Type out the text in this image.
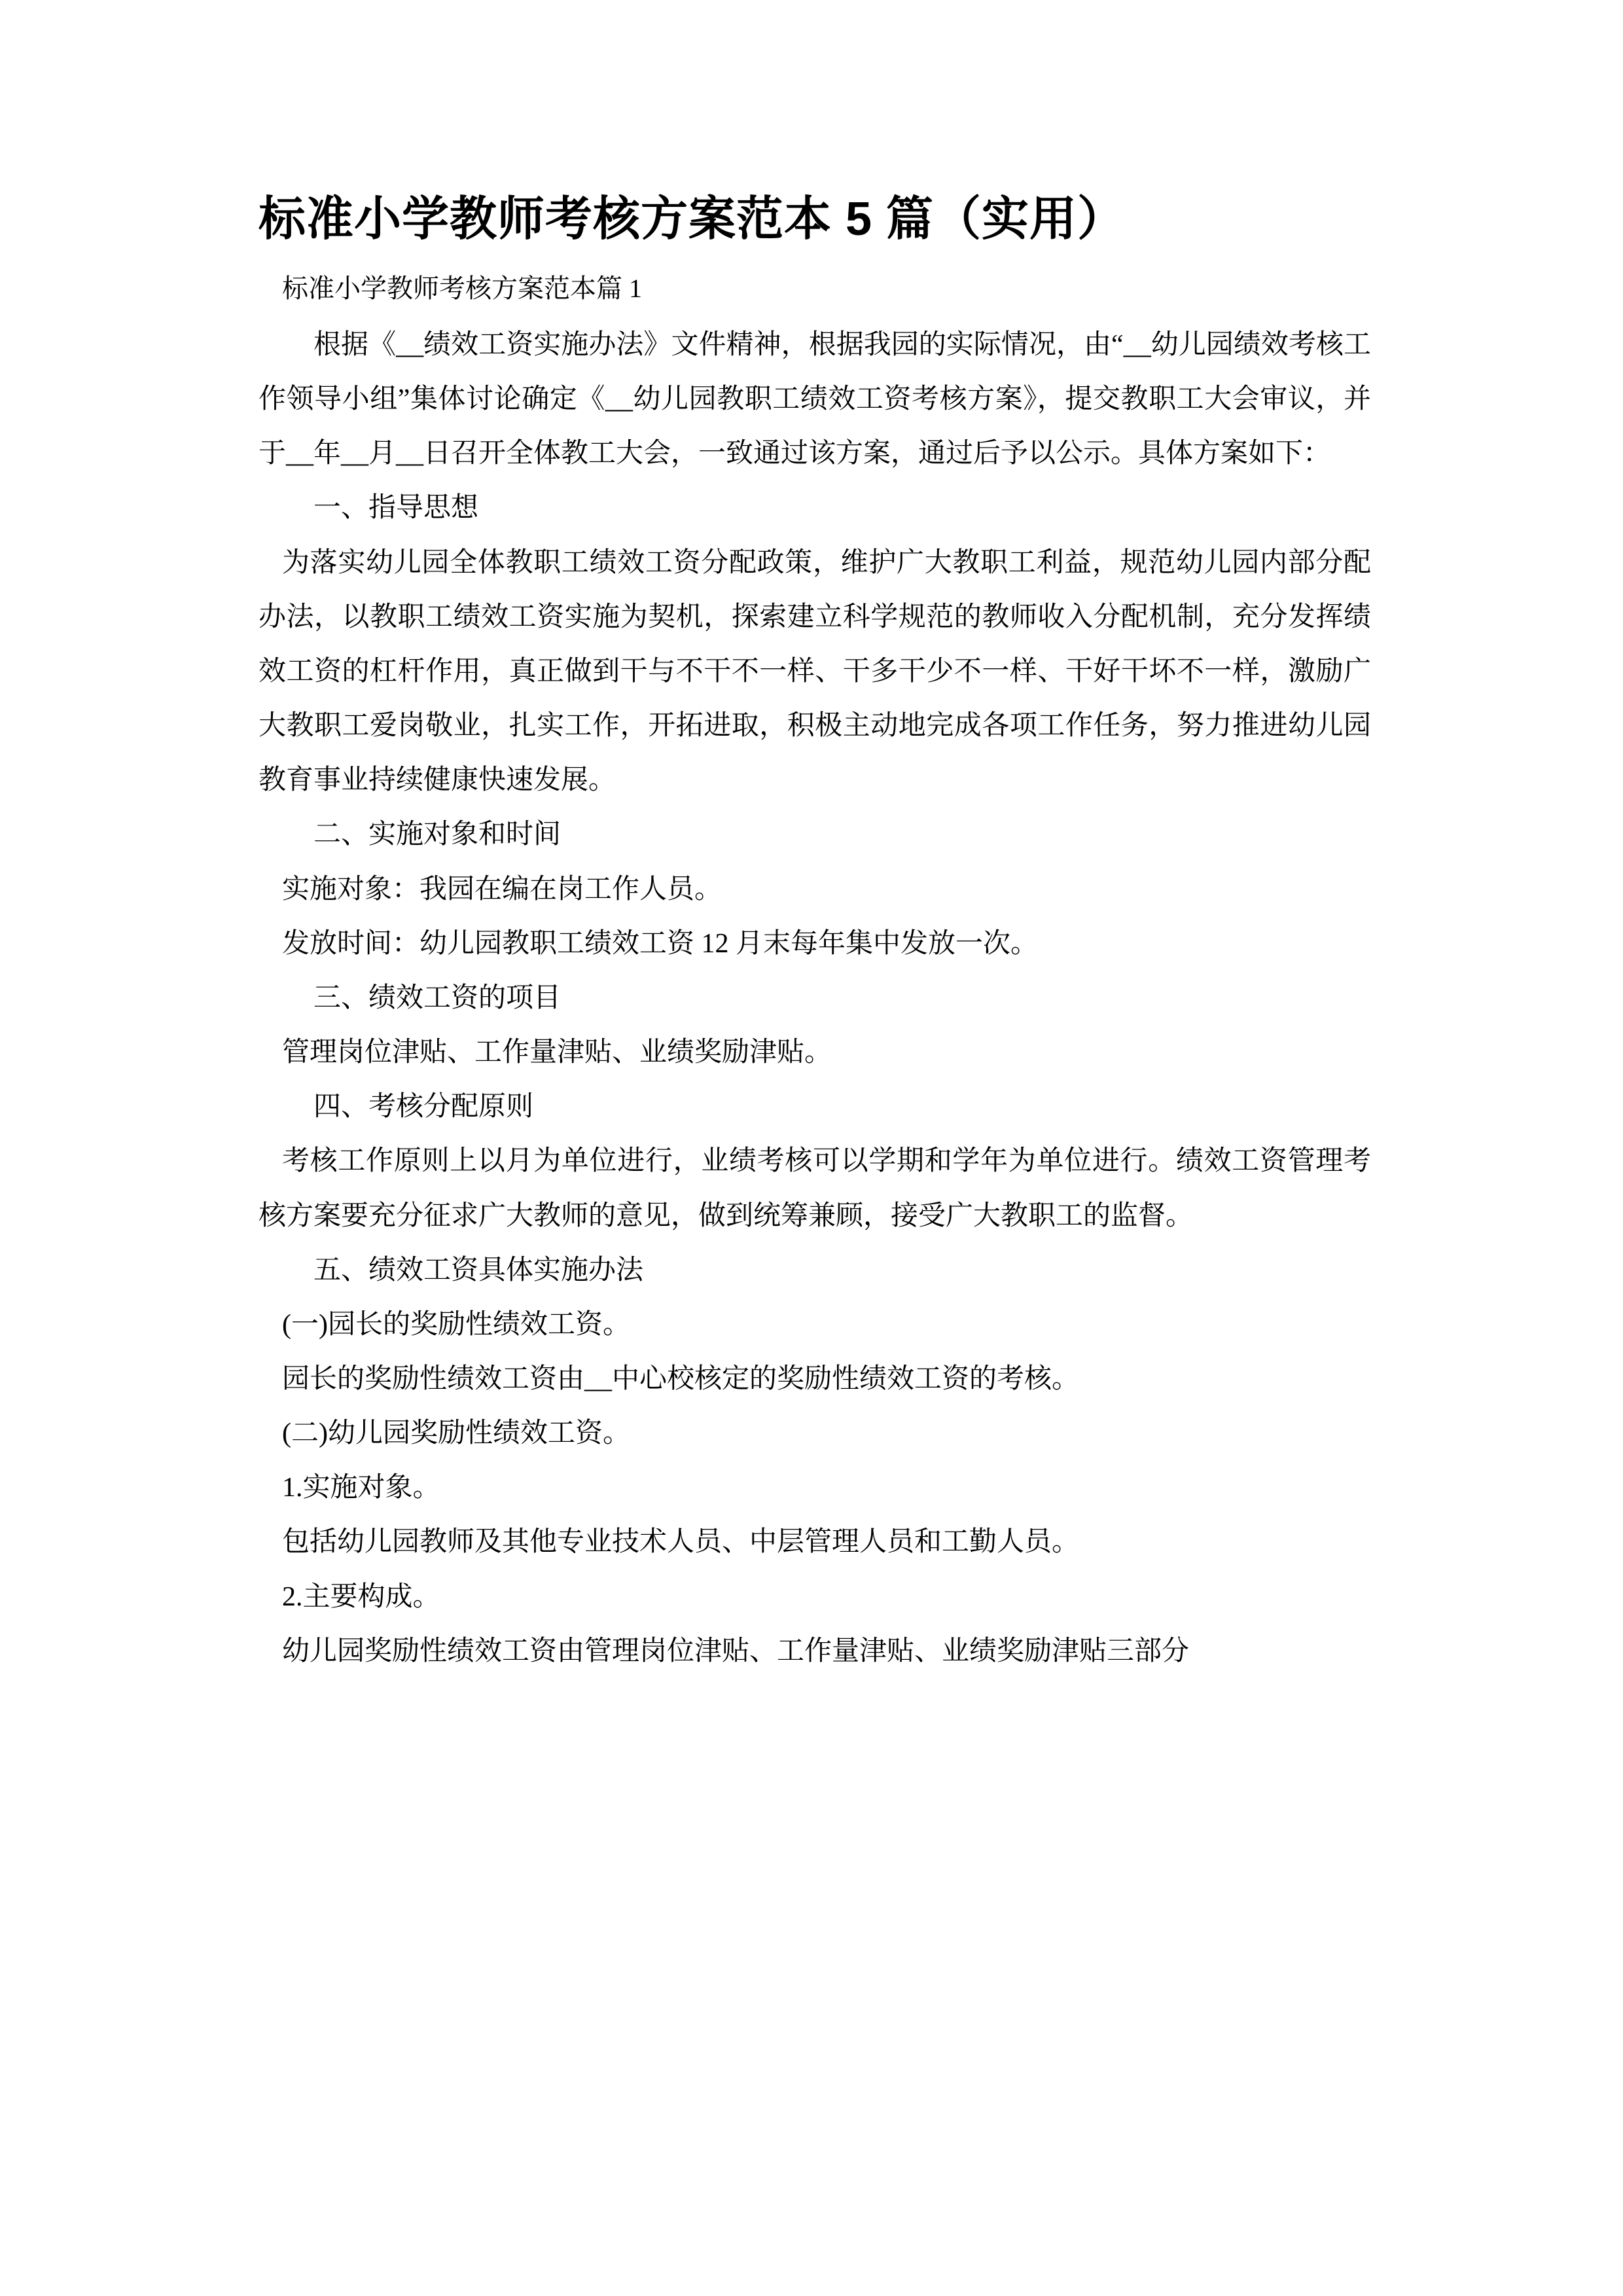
标准小学教师考核方案范本 5 篇（实用）
标准小学教师考核方案范本篇 1

根据《__绩效工资实施办法》文件精神，根据我园的实际情况，由“__幼儿园绩效考核工作领导小组”集体讨论确定《__幼儿园教职工绩效工资考核方案》，提交教职工大会审议，并于__年__月__日召开全体教工大会，一致通过该方案，通过后予以公示。具体方案如下：

一、指导思想

为落实幼儿园全体教职工绩效工资分配政策，维护广大教职工利益，规范幼儿园内部分配办法，以教职工绩效工资实施为契机，探索建立科学规范的教师收入分配机制，充分发挥绩效工资的杠杆作用，真正做到干与不干不一样、干多干少不一样、干好干坏不一样，激励广大教职工爱岗敬业，扎实工作，开拓进取，积极主动地完成各项工作任务，努力推进幼儿园教育事业持续健康快速发展。

二、实施对象和时间

实施对象：我园在编在岗工作人员。

发放时间：幼儿园教职工绩效工资 12 月末每年集中发放一次。

三、绩效工资的项目

管理岗位津贴、工作量津贴、业绩奖励津贴。

四、考核分配原则

考核工作原则上以月为单位进行，业绩考核可以学期和学年为单位进行。绩效工资管理考核方案要充分征求广大教师的意见，做到统筹兼顾，接受广大教职工的监督。

五、绩效工资具体实施办法

(一)园长的奖励性绩效工资。

园长的奖励性绩效工资由__中心校核定的奖励性绩效工资的考核。

(二)幼儿园奖励性绩效工资。

1.实施对象。

包括幼儿园教师及其他专业技术人员、中层管理人员和工勤人员。

2.主要构成。

幼儿园奖励性绩效工资由管理岗位津贴、工作量津贴、业绩奖励津贴三部分
